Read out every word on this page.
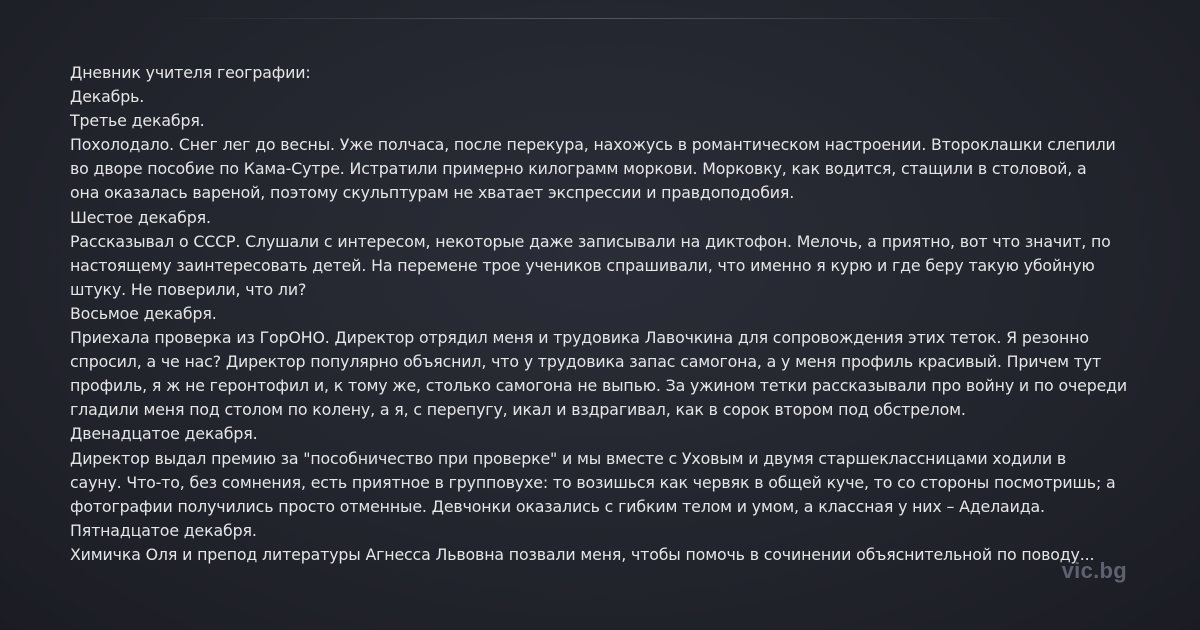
Дневник учителя географии:
Декабрь.
Третье декабря.
Похолодало. Снег лег до весны. Уже полчаса, после перекура, нахожусь в романтическом настроении. Второклашки слепили
во дворе пособие по Кама-Сутре. Истратили примерно килограмм моркови. Морковку, как водится, стащили в столовой, а
она оказалась вареной, поэтому скульптурам не хватает экспрессии и правдоподобия.
Шестое декабря.
Рассказывал о СССР. Слушали с интересом, некоторые даже записывали на диктофон. Мелочь, а приятно, вот что значит, по
настоящему заинтересовать детей. На перемене трое учеников спрашивали, что именно я курю и где беру такую убойную
штуку. Не поверили, что ли?
Восьмое декабря.
Приехала проверка из ГорОНО. Директор отрядил меня и трудовика Лавочкина для сопровождения этих теток. Я резонно
спросил, а че нас? Директор популярно объяснил, что у трудовика запас самогона, а у меня профиль красивый. Причем тут
профиль, я ж не геронтофил и, к тому же, столько самогона не выпью. За ужином тетки рассказывали про войну и по очереди
гладили меня под столом по колену, а я, с перепугу, икал и вздрагивал, как в сорок втором под обстрелом.
Двенадцатое декабря.
Директор выдал премию за "пособничество при проверке" и мы вместе с Уховым и двумя старшеклассницами ходили в
сауну. Что-то, без сомнения, есть приятное в групповухе: то возишься как червяк в общей куче, то со стороны посмотришь; а
фотографии получились просто отменные. Девчонки оказались с гибким телом и умом, а классная у них – Аделаида.
Пятнадцатое декабря.
Химичка Оля и препод литературы Агнесса Львовна позвали меня, чтобы помочь в сочинении объяснительной по поводу...
vic.bg
